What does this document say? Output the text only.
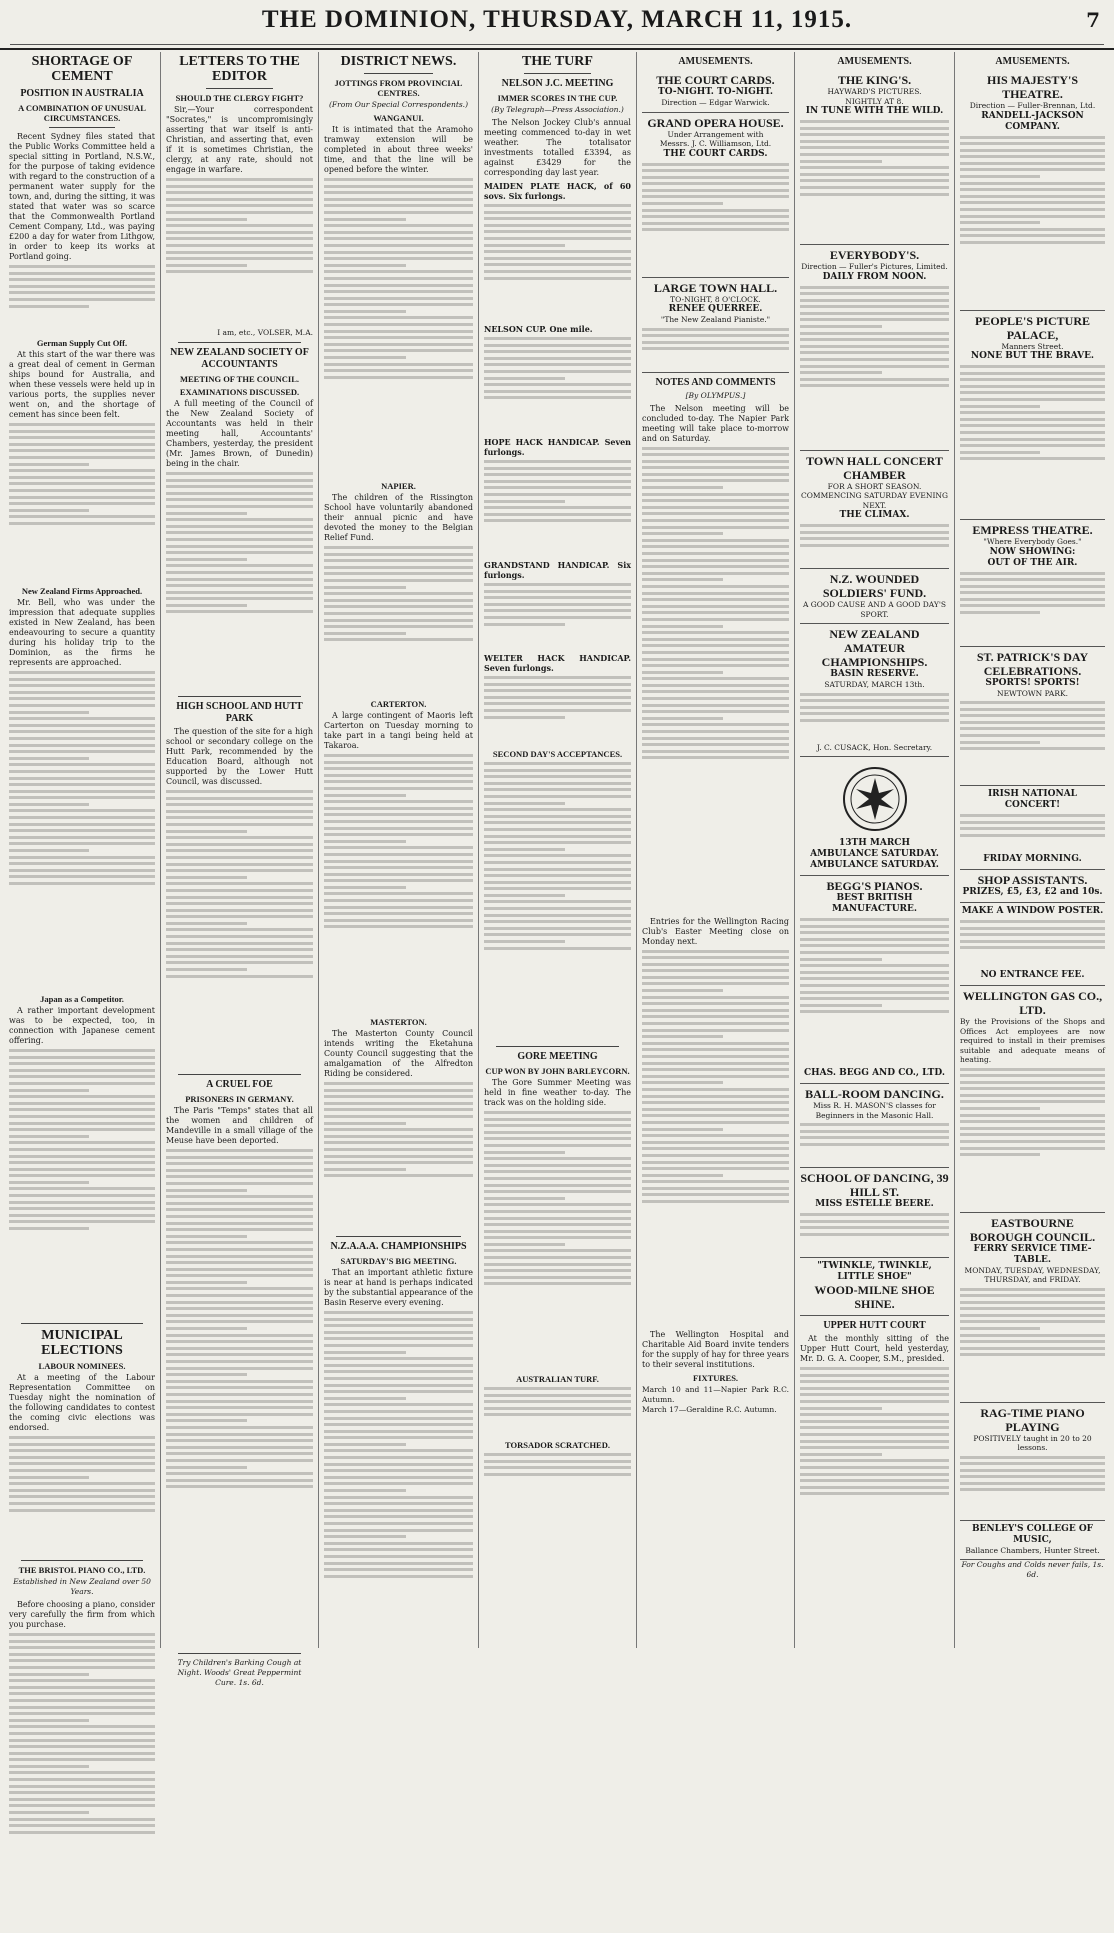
THE DOMINION, THURSDAY, MARCH 11, 1915.	7
SHORTAGE OF CEMENT
POSITION IN AUSTRALIA
A COMBINATION OF UNUSUAL CIRCUMSTANCES.

Recent Sydney files stated that the Public Works Committee held a special sitting in Portland, N.S.W., for the purpose of taking evidence with regard to the construction of a permanent water supply for the town, and, during the sitting, it was stated that water was so scarce that the Commonwealth Portland Cement Company, Ltd., was paying £200 a day for water from Lithgow, in order to keep its works at Portland going.

German Supply Cut Off.

At this start of the war there was a great deal of cement in German ships bound for Australia, and when these vessels were held up in various ports, the supplies never went on, and the shortage of cement has since been felt.

New Zealand Firms Approached.

Mr. Bell, who was under the impression that adequate supplies existed in New Zealand, has been endeavouring to secure a quantity during his holiday trip to the Dominion, as the firms he represents are approached.

Japan as a Competitor.

A rather important development was to be expected, too, in connection with Japanese cement offering.

MUNICIPAL ELECTIONS
LABOUR NOMINEES.

At a meeting of the Labour Representation Committee on Tuesday night the nomination of the following candidates to contest the coming civic elections was endorsed.

THE BRISTOL PIANO CO., LTD.
Established in New Zealand over 50 Years.

Before choosing a piano, consider very carefully the firm from which you purchase.

LETTERS TO THE EDITOR
SHOULD THE CLERGY FIGHT?

Sir,—Your correspondent "Socrates," is uncompromisingly asserting that war itself is anti-Christian, and asserting that, even if it is sometimes Christian, the clergy, at any rate, should not engage in warfare.

I am, etc., VOLSER, M.A.
NEW ZEALAND SOCIETY OF ACCOUNTANTS
MEETING OF THE COUNCIL.
EXAMINATIONS DISCUSSED.

A full meeting of the Council of the New Zealand Society of Accountants was held in their meeting hall, Accountants' Chambers, yesterday, the president (Mr. James Brown, of Dunedin) being in the chair.

HIGH SCHOOL AND HUTT PARK

The question of the site for a high school or secondary college on the Hutt Park, recommended by the Education Board, although not supported by the Lower Hutt Council, was discussed.

A CRUEL FOE
PRISONERS IN GERMANY.

The Paris "Temps" states that all the women and children of Mandeville in a small village of the Meuse have been deported.

Try Children's Barking Cough at Night. Woods' Great Peppermint Cure. 1s. 6d.
DISTRICT NEWS.
JOTTINGS FROM PROVINCIAL CENTRES.
(From Our Special Correspondents.)
WANGANUI.

It is intimated that the Aramoho tramway extension will be completed in about three weeks' time, and that the line will be opened before the winter.

NAPIER.

The children of the Rissington School have voluntarily abandoned their annual picnic and have devoted the money to the Belgian Relief Fund.

CARTERTON.

A large contingent of Maoris left Carterton on Tuesday morning to take part in a tangi being held at Takaroa.

MASTERTON.

The Masterton County Council intends writing the Eketahuna County Council suggesting that the amalgamation of the Alfredton Riding be considered.

N.Z.A.A.A. CHAMPIONSHIPS
SATURDAY'S BIG MEETING.

That an important athletic fixture is near at hand is perhaps indicated by the substantial appearance of the Basin Reserve every evening.

THE TURF
NELSON J.C. MEETING
IMMER SCORES IN THE CUP.
(By Telegraph—Press Association.)

The Nelson Jockey Club's annual meeting commenced to-day in wet weather. The totalisator investments totalled £3394, as against £3429 for the corresponding day last year.

MAIDEN PLATE HACK, of 60 sovs. Six furlongs.

NELSON CUP. One mile.

HOPE HACK HANDICAP. Seven furlongs.

GRANDSTAND HANDICAP. Six furlongs.

WELTER HACK HANDICAP. Seven furlongs.

SECOND DAY'S ACCEPTANCES.
GORE MEETING
CUP WON BY JOHN BARLEYCORN.

The Gore Summer Meeting was held in fine weather to-day. The track was on the holding side.

AUSTRALIAN TURF.
TORSADOR SCRATCHED.
AMUSEMENTS.
THE COURT CARDS.
TO-NIGHT. TO-NIGHT.
Direction — Edgar Warwick.
GRAND OPERA HOUSE.
Under Arrangement with
Messrs. J. C. Williamson, Ltd.
THE COURT CARDS.
LARGE TOWN HALL.
TO-NIGHT, 8 O'CLOCK.
RENEE QUERREE.
"The New Zealand Pianiste."
NOTES AND COMMENTS
[By OLYMPUS.]

The Nelson meeting will be concluded to-day. The Napier Park meeting will take place to-morrow and on Saturday.

Entries for the Wellington Racing Club's Easter Meeting close on Monday next.

The Wellington Hospital and Charitable Aid Board invite tenders for the supply of hay for three years to their several institutions.

FIXTURES.
March 10 and 11—Napier Park R.C. Autumn.
March 17—Geraldine R.C. Autumn.
AMUSEMENTS.
THE KING'S.
HAYWARD'S PICTURES.
NIGHTLY AT 8.
IN TUNE WITH THE WILD.
EVERYBODY'S.
Direction — Fuller's Pictures, Limited.
DAILY FROM NOON.
TOWN HALL CONCERT CHAMBER
FOR A SHORT SEASON.
COMMENCING SATURDAY EVENING NEXT.
THE CLIMAX.
N.Z. WOUNDED SOLDIERS' FUND.
A GOOD CAUSE AND A GOOD DAY'S SPORT.
NEW ZEALAND AMATEUR CHAMPIONSHIPS.
BASIN RESERVE.
SATURDAY, MARCH 13th.
J. C. CUSACK, Hon. Secretary.
13TH MARCH
AMBULANCE SATURDAY.
AMBULANCE SATURDAY.
BEGG'S PIANOS.
BEST BRITISH MANUFACTURE.
CHAS. BEGG AND CO., LTD.
BALL-ROOM DANCING.
Miss R. H. MASON'S classes for Beginners in the Masonic Hall.
SCHOOL OF DANCING, 39 HILL ST.
MISS ESTELLE BEERE.
"TWINKLE, TWINKLE, LITTLE SHOE"
WOOD-MILNE SHOE SHINE.
UPPER HUTT COURT

At the monthly sitting of the Upper Hutt Court, held yesterday, Mr. D. G. A. Cooper, S.M., presided.

AMUSEMENTS.
HIS MAJESTY'S THEATRE.
Direction — Fuller-Brennan, Ltd.
RANDELL-JACKSON COMPANY.
PEOPLE'S PICTURE PALACE,
Manners Street.
NONE BUT THE BRAVE.
EMPRESS THEATRE.
"Where Everybody Goes."
NOW SHOWING:
OUT OF THE AIR.
ST. PATRICK'S DAY CELEBRATIONS.
SPORTS! SPORTS!
NEWTOWN PARK.
IRISH NATIONAL CONCERT!
FRIDAY MORNING.
SHOP ASSISTANTS.
PRIZES, £5, £3, £2 and 10s.
MAKE A WINDOW POSTER.
NO ENTRANCE FEE.
WELLINGTON GAS CO., LTD.
By the Provisions of the Shops and Offices Act employees are now required to install in their premises suitable and adequate means of heating.
EASTBOURNE BOROUGH COUNCIL.
FERRY SERVICE TIME-TABLE.
MONDAY, TUESDAY, WEDNESDAY, THURSDAY, and FRIDAY.
RAG-TIME PIANO PLAYING
POSITIVELY taught in 20 to 20 lessons.
BENLEY'S COLLEGE OF MUSIC,
Ballance Chambers, Hunter Street.
For Coughs and Colds never fails, 1s. 6d.
